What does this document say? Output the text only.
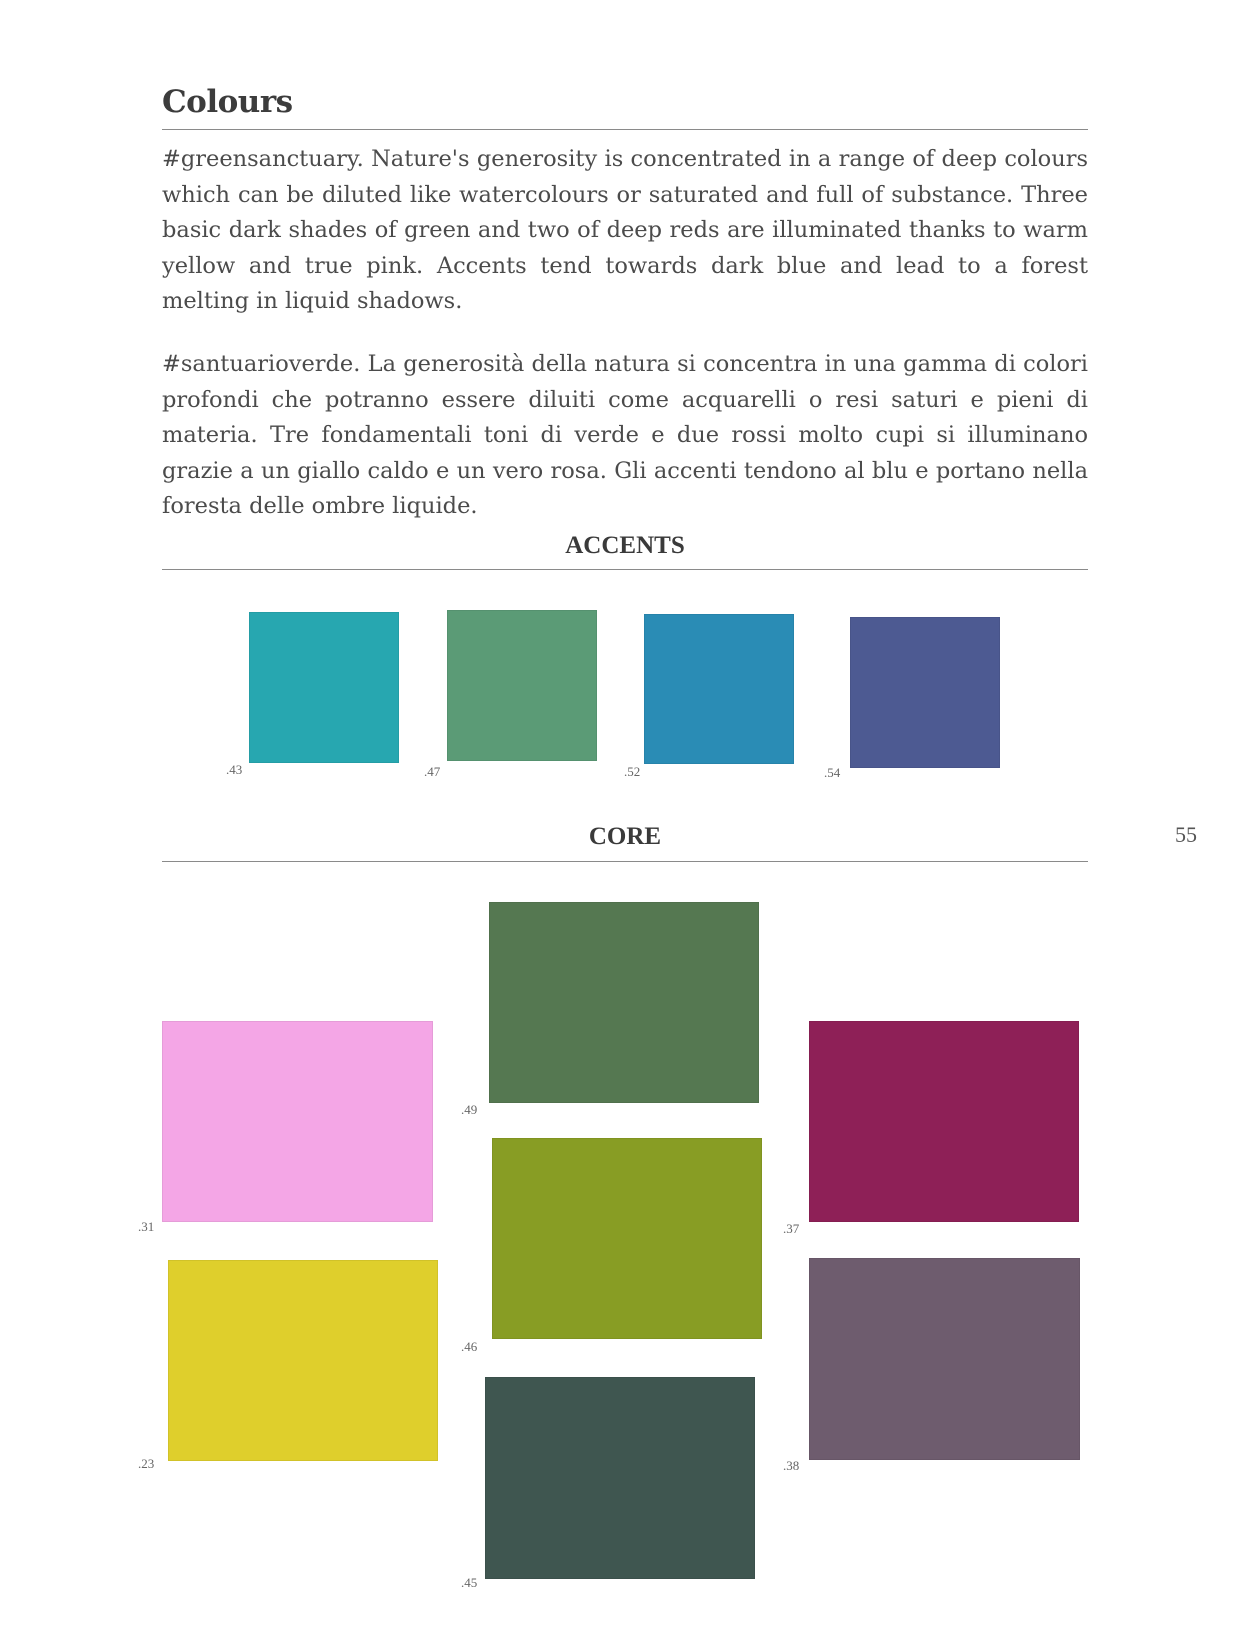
Colours

#greensanctuary. Nature's generosity is concentrated in a range of deep colours which can be diluted like watercolours or saturated and full of substance. Three basic dark shades of green and two of deep reds are illuminated thanks to warm yellow and true pink. Accents tend towards dark blue and lead to a forest melting in liquid shadows.

#santuarioverde. La generosità della natura si concentra in una gamma di colori profondi che potranno essere diluiti come acquarelli o resi saturi e pieni di materia. Tre fondamentali toni di verde e due rossi molto cupi si illuminano grazie a un giallo caldo e un vero rosa. Gli accenti tendono al blu e portano nella foresta delle ombre liquide.

ACCENTS
.43	.47	.52	.54
CORE	55
.31
.23
.49
.46
.45
.37
.38
